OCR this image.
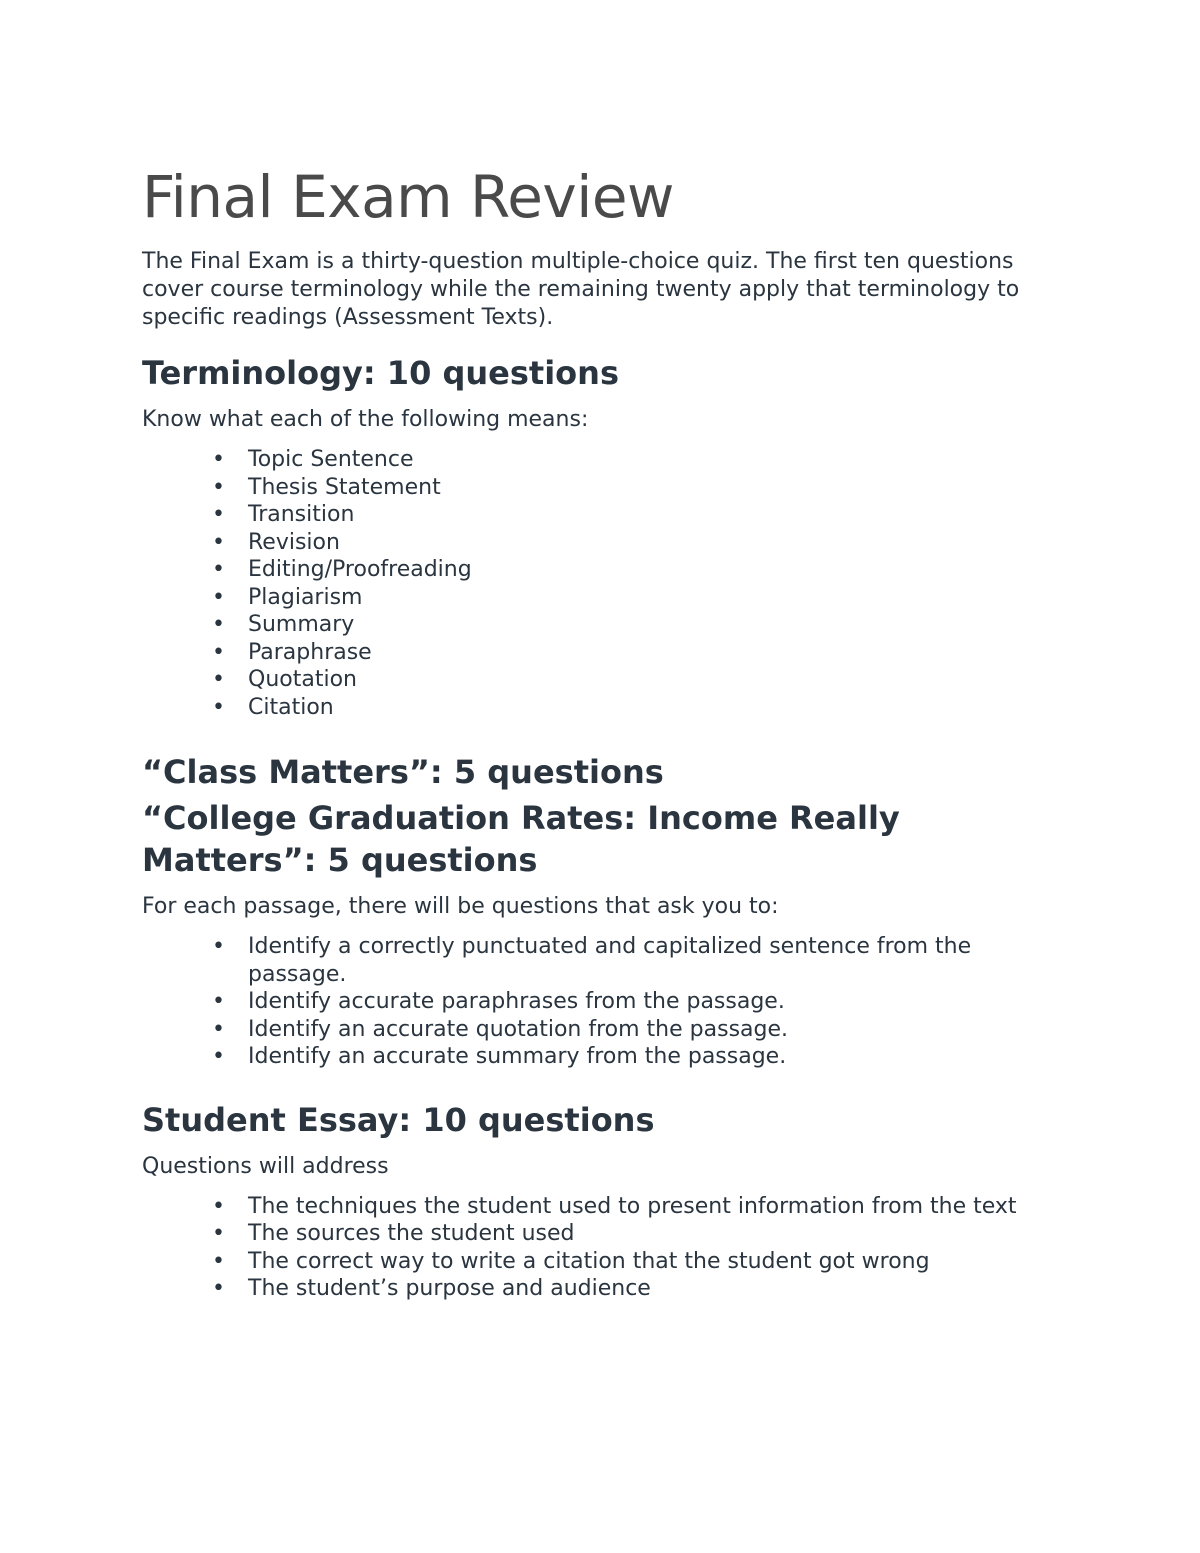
Final Exam Review

The Final Exam is a thirty-question multiple-choice quiz. The first ten questions cover course terminology while the remaining twenty apply that terminology to specific readings (Assessment Texts).

Terminology: 10 questions

Know what each of the following means:

• Topic Sentence
• Thesis Statement
• Transition
• Revision
• Editing/Proofreading
• Plagiarism
• Summary
• Paraphrase
• Quotation
• Citation
“Class Matters”: 5 questions
“College Graduation Rates: Income Really Matters”: 5 questions

For each passage, there will be questions that ask you to:

• Identify a correctly punctuated and capitalized sentence from the passage.
• Identify accurate paraphrases from the passage.
• Identify an accurate quotation from the passage.
• Identify an accurate summary from the passage.
Student Essay: 10 questions

Questions will address

• The techniques the student used to present information from the text
• The sources the student used
• The correct way to write a citation that the student got wrong
• The student’s purpose and audience
